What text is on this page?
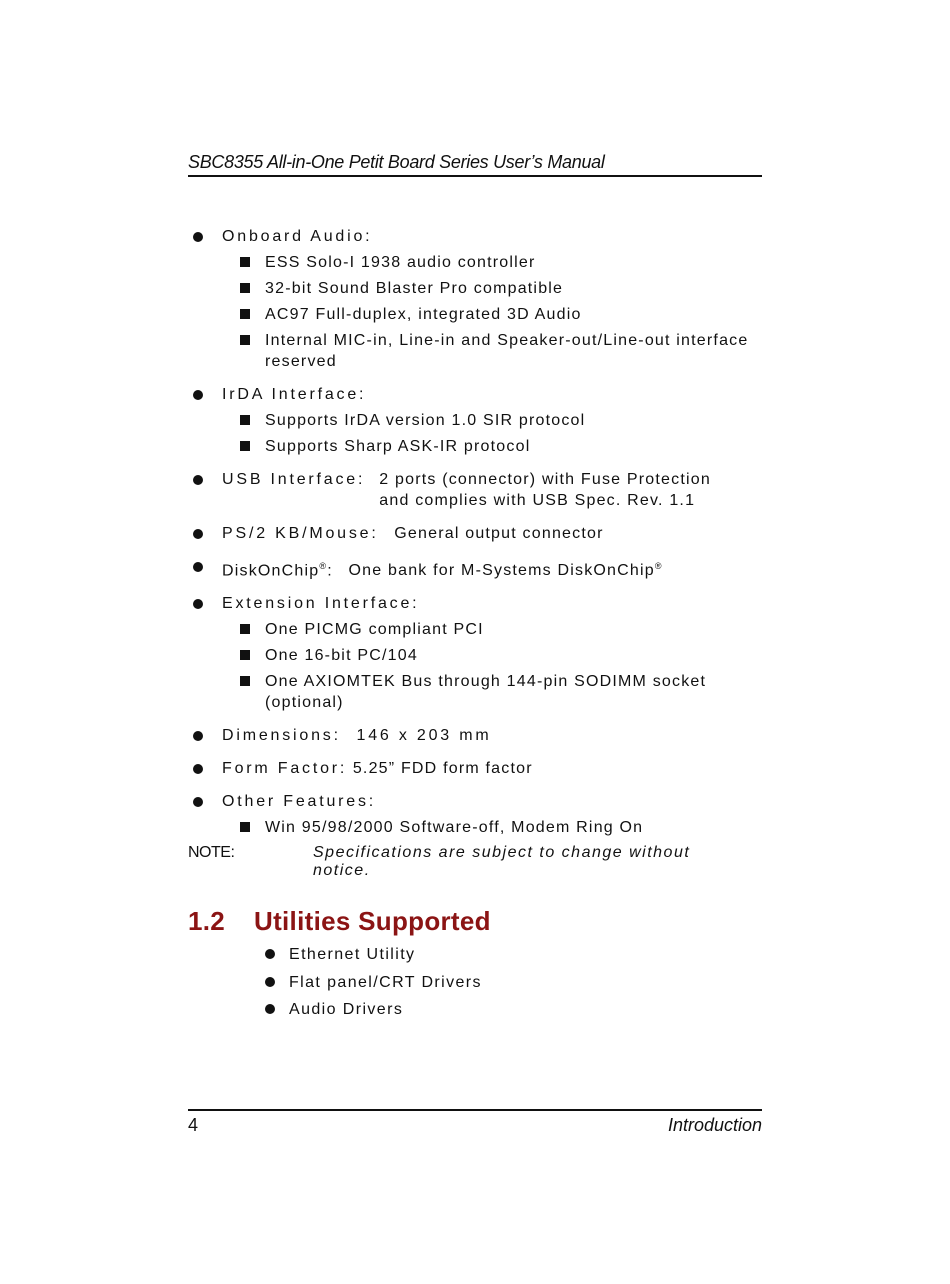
SBC8355 All-in-One Petit Board Series User’s Manual
Onboard Audio:
ESS Solo-I 1938 audio controller
32-bit Sound Blaster Pro compatible
AC97 Full-duplex, integrated 3D Audio
Internal MIC-in, Line-in and Speaker-out/Line-out interface reserved
IrDA Interface:
Supports IrDA version 1.0 SIR protocol
Supports Sharp ASK-IR protocol
USB Interface: 2 ports (connector) with Fuse Protection
and complies with USB Spec. Rev. 1.1
PS/2 KB/Mouse: General output connector
DiskOnChip®: One bank for M-Systems DiskOnChip®
Extension Interface:
One PICMG compliant PCI
One 16-bit PC/104
One AXIOMTEK Bus through 144-pin SODIMM socket (optional)
Dimensions: 146 x 203 mm
Form Factor: 5.25” FDD form factor
Other Features:
Win 95/98/2000 Software-off, Modem Ring On
NOTE:	Specifications are subject to change without notice.
1.2 Utilities Supported
Ethernet Utility
Flat panel/CRT Drivers
Audio Drivers
4	Introduction
